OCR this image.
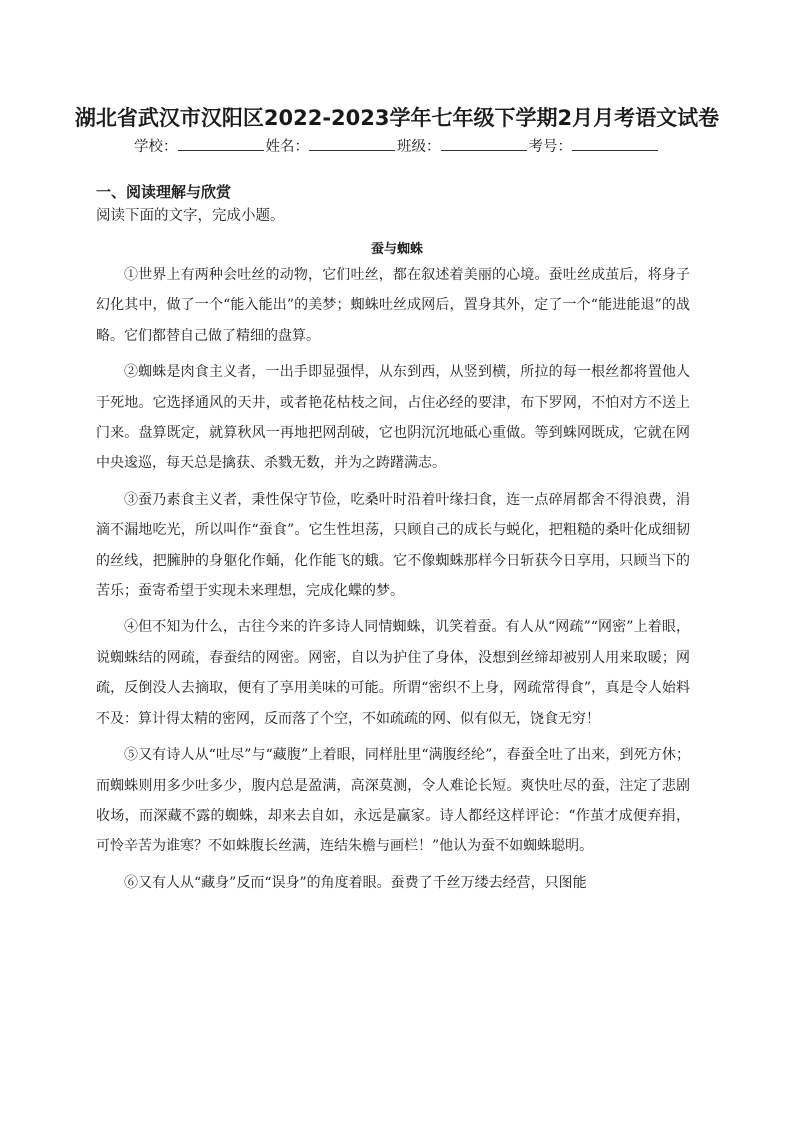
湖北省武汉市汉阳区2022-2023学年七年级下学期2月月考语文试卷
学校：	姓名：	班级：	考号：
一、阅读理解与欣赏
阅读下面的文字，完成小题。
蚕与蜘蛛

①世界上有两种会吐丝的动物，它们吐丝，都在叙述着美丽的心境。蚕吐丝成茧后，将身子幻化其中，做了一个“能入能出”的美梦；蜘蛛吐丝成网后，置身其外，定了一个“能进能退”的战略。它们都替自己做了精细的盘算。

②蜘蛛是肉食主义者，一出手即显强悍，从东到西，从竖到横，所拉的每一根丝都将置他人于死地。它选择通风的天井，或者艳花枯枝之间，占住必经的要津，布下罗网，不怕对方不送上门来。盘算既定，就算秋风一再地把网刮破，它也阴沉沉地砥心重做。等到蛛网既成，它就在网中央逡巡，每天总是擒获、杀戮无数，并为之踌躇满志。

③蚕乃素食主义者，秉性保守节俭，吃桑叶时沿着叶缘扫食，连一点碎屑都舍不得浪费，涓滴不漏地吃光，所以叫作“蚕食”。它生性坦荡，只顾自己的成长与蜕化，把粗糙的桑叶化成细韧的丝线，把臃肿的身躯化作蛹，化作能飞的蛾。它不像蜘蛛那样今日斩获今日享用，只顾当下的苦乐；蚕寄希望于实现未来理想，完成化蝶的梦。

④但不知为什么，古往今来的许多诗人同情蜘蛛，讥笑着蚕。有人从“网疏”“网密”上着眼，说蜘蛛结的网疏，春蚕结的网密。网密，自以为护住了身体，没想到丝缔却被别人用来取暖；网疏，反倒没人去摘取，便有了享用美味的可能。所谓“密织不上身，网疏常得食”，真是令人始料不及：算计得太精的密网，反而落了个空，不如疏疏的网、似有似无，饶食无穷！

⑤又有诗人从“吐尽”与“藏腹”上着眼，同样肚里“满腹经纶”，春蚕全吐了出来，到死方休；而蜘蛛则用多少吐多少，腹内总是盈满，高深莫测，令人难论长短。爽快吐尽的蚕，注定了悲剧收场，而深藏不露的蜘蛛，却来去自如，永远是赢家。诗人都经这样评论：“作茧才成便弃捐，可怜辛苦为谁寒？不如蛛腹长丝满，连结朱檐与画栏！”他认为蚕不如蜘蛛聪明。

⑥又有人从“藏身”反而“误身”的角度着眼。蚕费了千丝万缕去经营，只图能
